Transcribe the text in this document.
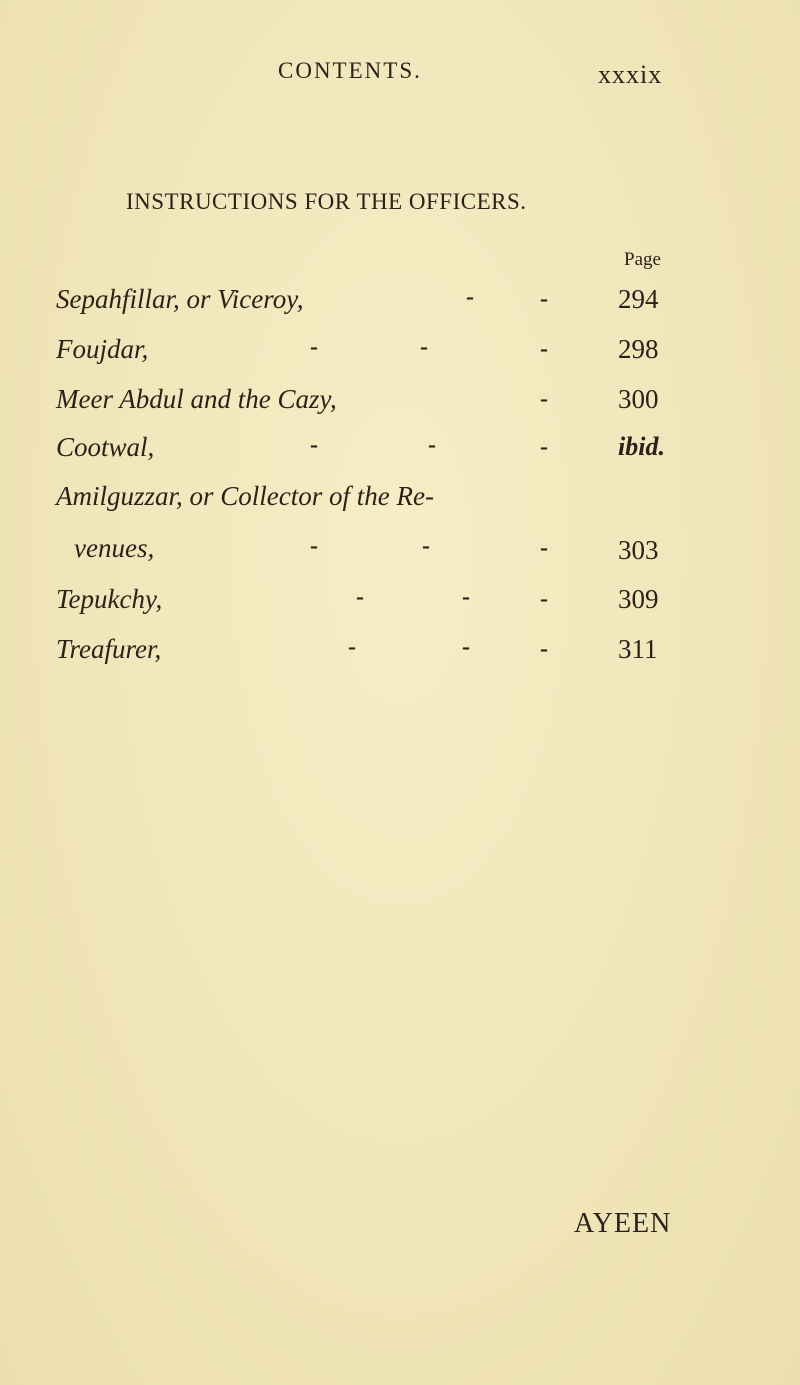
CONTENTS.	xxxix
INSTRUCTIONS FOR THE OFFICERS.
Page
Sepahfillar, or Viceroy,	-	-	294
Foujdar,	-	-	-	298
Meer Abdul and the Cazy,	-	300
Cootwal,	-	-	-	ibid.
Amilguzzar, or Collector of the Re-
venues,	-	-	-	303
Tepukchy,	-	-	-	309
Treafurer,	-	-	-	311
AYEEN
